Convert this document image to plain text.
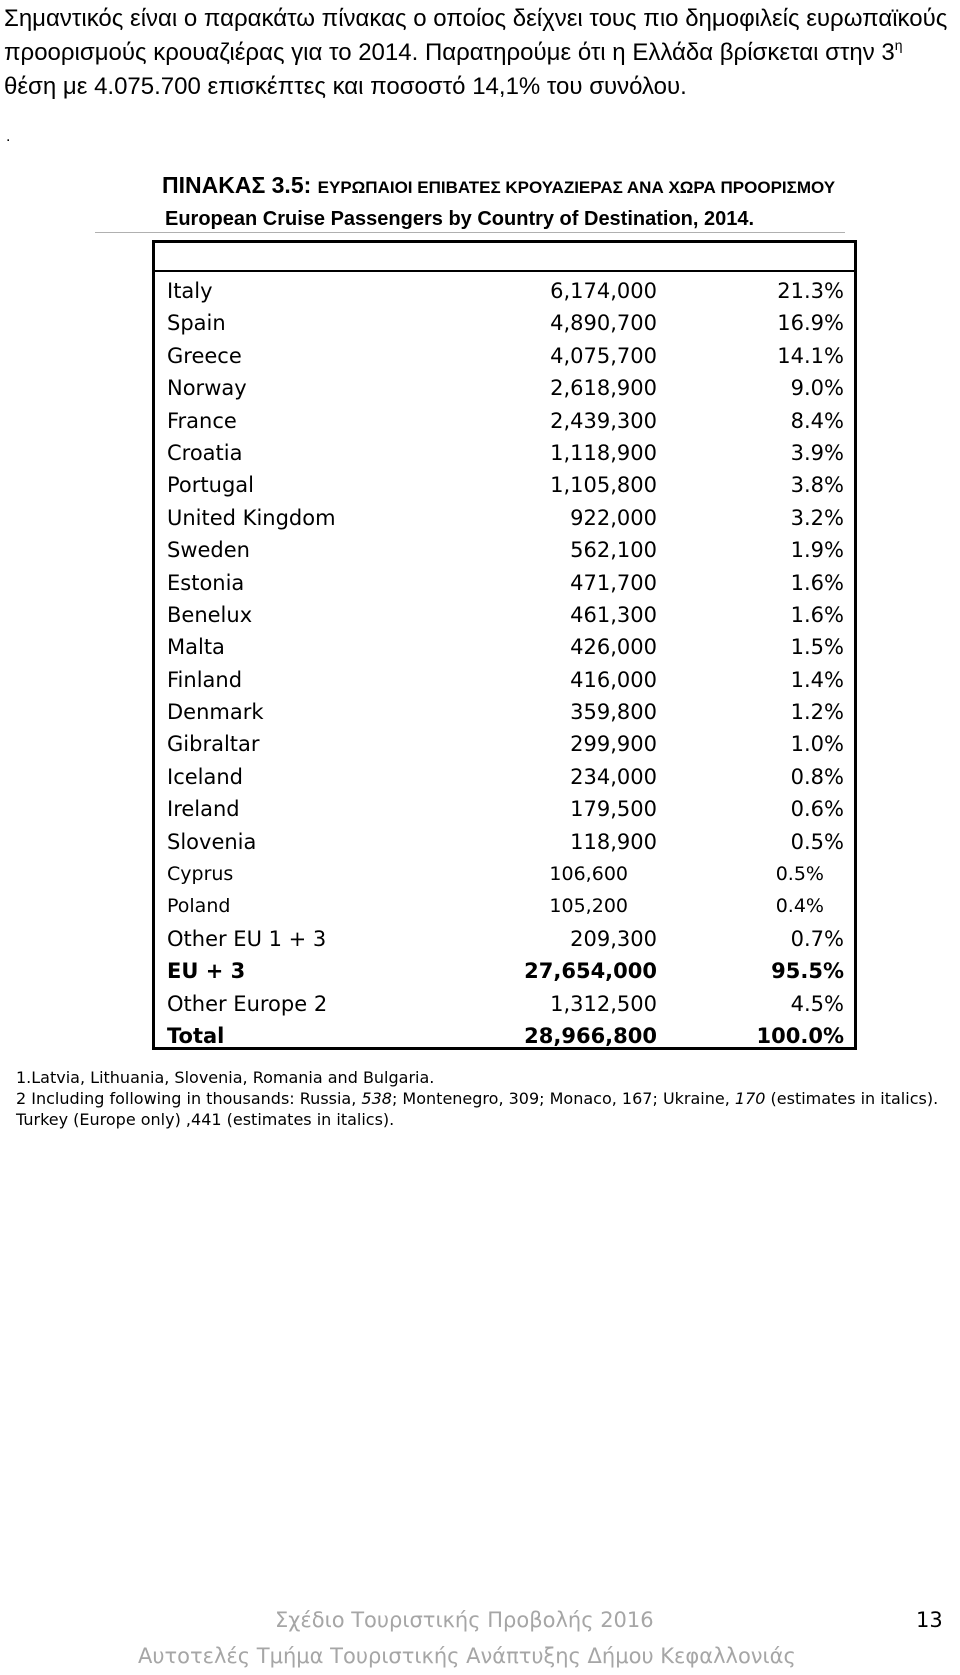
Σημαντικός είναι ο παρακάτω πίνακας ο οποίος δείχνει τους πιο δημοφιλείς ευρωπαϊκούς προορισμούς κρουαζιέρας για το 2014. Παρατηρούμε ότι η Ελλάδα βρίσκεται στην $3^\eta$ θέση με 4.075.700 επισκέπτες και ποσοστό 14,1% του συνόλου.

.
ΠΙΝΑΚΑΣ 3.5: ΕΥΡΩΠΑΙΟΙ ΕΠΙΒΑΤΕΣ ΚΡΟΥΑΖΙΕΡΑΣ ΑΝΑ ΧΩΡΑ ΠΡΟΟΡΙΣΜΟΥ
European Cruise Passengers by Country of Destination, 2014.
Italy	6,174,000	21.3%
Spain	4,890,700	16.9%
Greece	4,075,700	14.1%
Norway	2,618,900	9.0%
France	2,439,300	8.4%
Croatia	1,118,900	3.9%
Portugal	1,105,800	3.8%
United Kingdom	922,000	3.2%
Sweden	562,100	1.9%
Estonia	471,700	1.6%
Benelux	461,300	1.6%
Malta	426,000	1.5%
Finland	416,000	1.4%
Denmark	359,800	1.2%
Gibraltar	299,900	1.0%
Iceland	234,000	0.8%
Ireland	179,500	0.6%
Slovenia	118,900	0.5%
Cyprus	106,600	0.5%
Poland	105,200	0.4%
Other EU 1 + 3	209,300	0.7%
EU + 3	27,654,000	95.5%
Other Europe 2	1,312,500	4.5%
Total	28,966,800	100.0%

1.Latvia, Lithuania, Slovenia, Romania and Bulgaria.

2 Including following in thousands: Russia, 538; Montenegro, 309; Monaco, 167; Ukraine, 170 (estimates in italics). Turkey (Europe only) ,441 (estimates in italics).

Σχέδιο Τουριστικής Προβολής 2016	13
Αυτοτελές Τμήμα Τουριστικής Ανάπτυξης Δήμου Κεφαλλονιάς
